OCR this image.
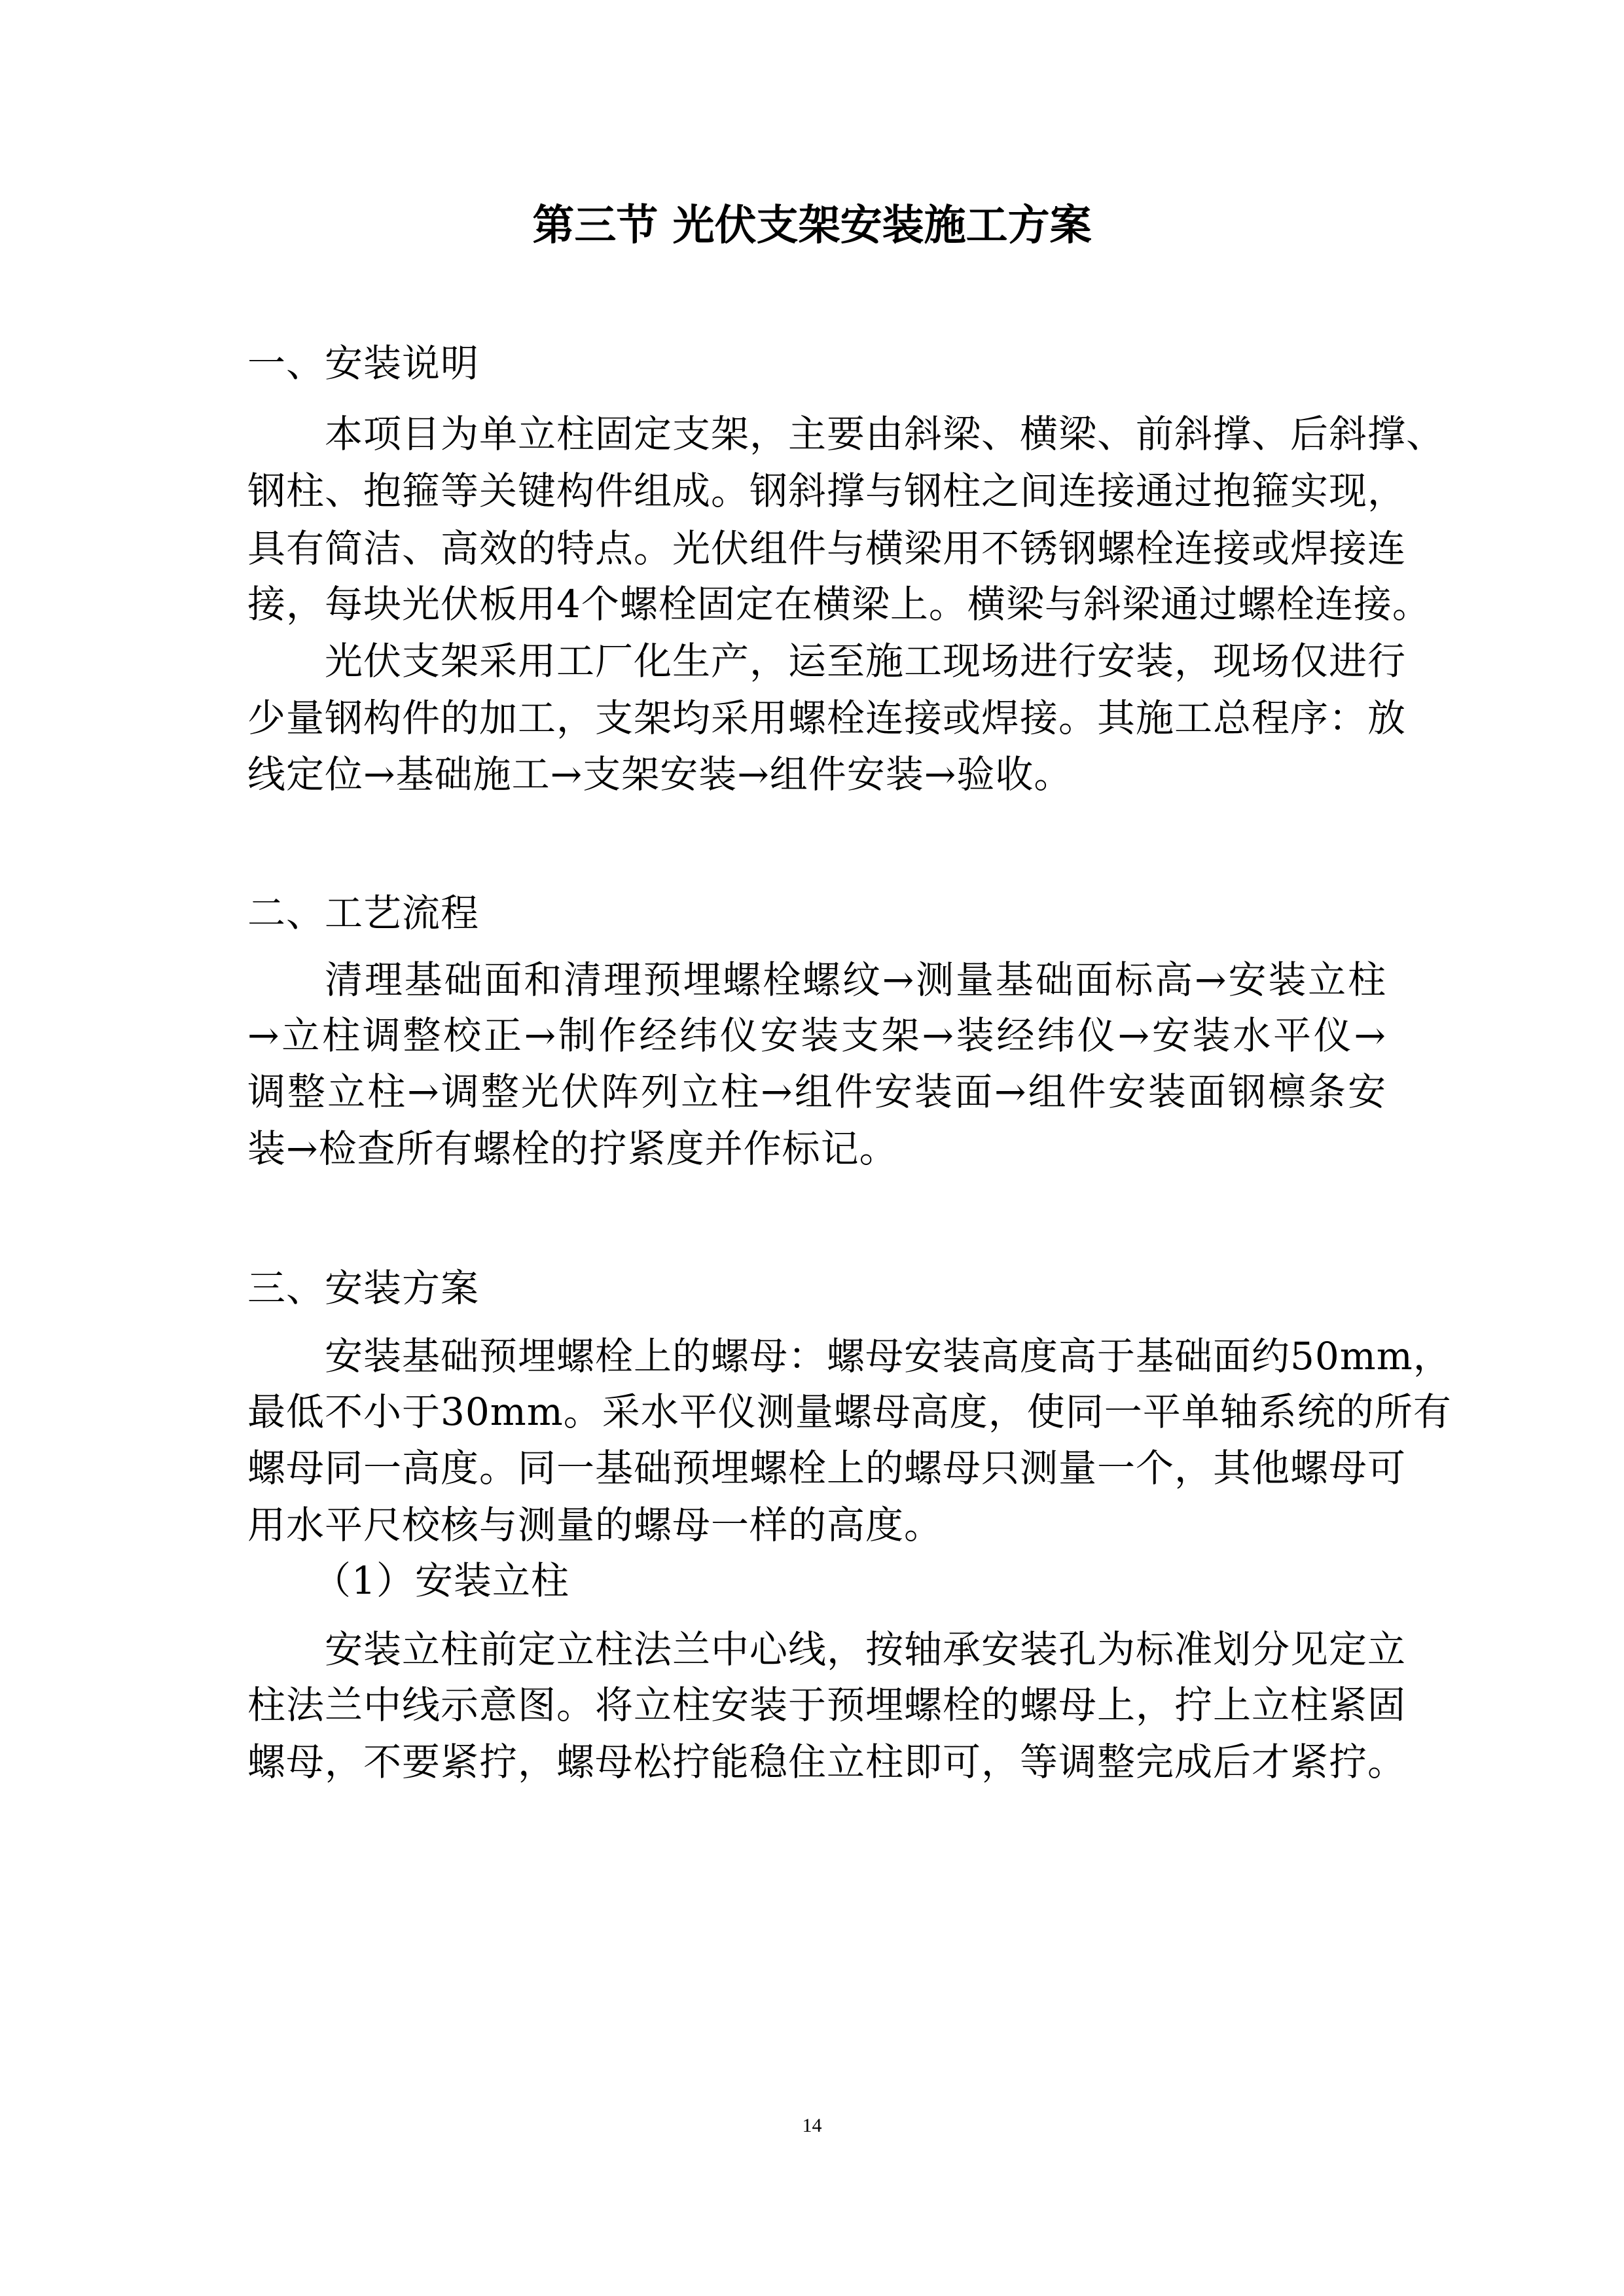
第三节 光伏支架安装施工方案
一、安装说明
本项目为单立柱固定支架，主要由斜梁、横梁、前斜撑、后斜撑、
钢柱、抱箍等关键构件组成。钢斜撑与钢柱之间连接通过抱箍实现，
具有简洁、高效的特点。光伏组件与横梁用不锈钢螺栓连接或焊接连
接，每块光伏板用4个螺栓固定在横梁上。横梁与斜梁通过螺栓连接。
光伏支架采用工厂化生产，运至施工现场进行安装，现场仅进行
少量钢构件的加工，支架均采用螺栓连接或焊接。其施工总程序：放
线定位→基础施工→支架安装→组件安装→验收。
二、工艺流程
清理基础面和清理预埋螺栓螺纹→测量基础面标高→安装立柱
→立柱调整校正→制作经纬仪安装支架→装经纬仪→安装水平仪→
调整立柱→调整光伏阵列立柱→组件安装面→组件安装面钢檩条安
装→检查所有螺栓的拧紧度并作标记。
三、安装方案
安装基础预埋螺栓上的螺母：螺母安装高度高于基础面约50mm，
最低不小于30mm。采水平仪测量螺母高度，使同一平单轴系统的所有
螺母同一高度。同一基础预埋螺栓上的螺母只测量一个，其他螺母可
用水平尺校核与测量的螺母一样的高度。
（1）安装立柱
安装立柱前定立柱法兰中心线，按轴承安装孔为标准划分见定立
柱法兰中线示意图。将立柱安装于预埋螺栓的螺母上，拧上立柱紧固
螺母，不要紧拧，螺母松拧能稳住立柱即可，等调整完成后才紧拧。
14
